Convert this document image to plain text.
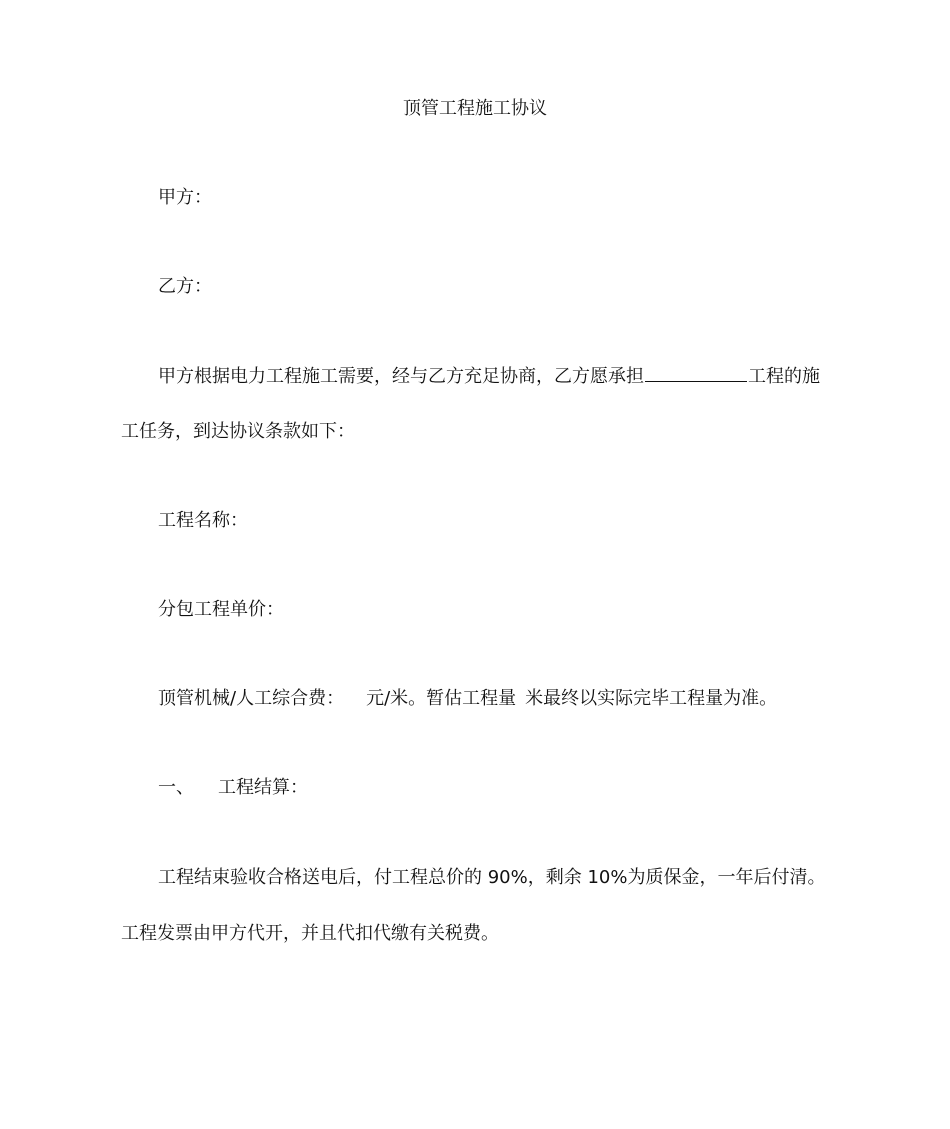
顶管工程施工协议
甲方：
乙方：
甲方根据电力工程施工需要，经与乙方充足协商，乙方愿承担	工程的施
工任务，到达协议条款如下：
工程名称：
分包工程单价：
顶管机械/人工综合费： 元/米。暂估工程量 米最终以实际完毕工程量为准。
一、 工程结算：
工程结束验收合格送电后，付工程总价的 90%，剩余 10%为质保金，一年后付清。
工程发票由甲方代开，并且代扣代缴有关税费。
